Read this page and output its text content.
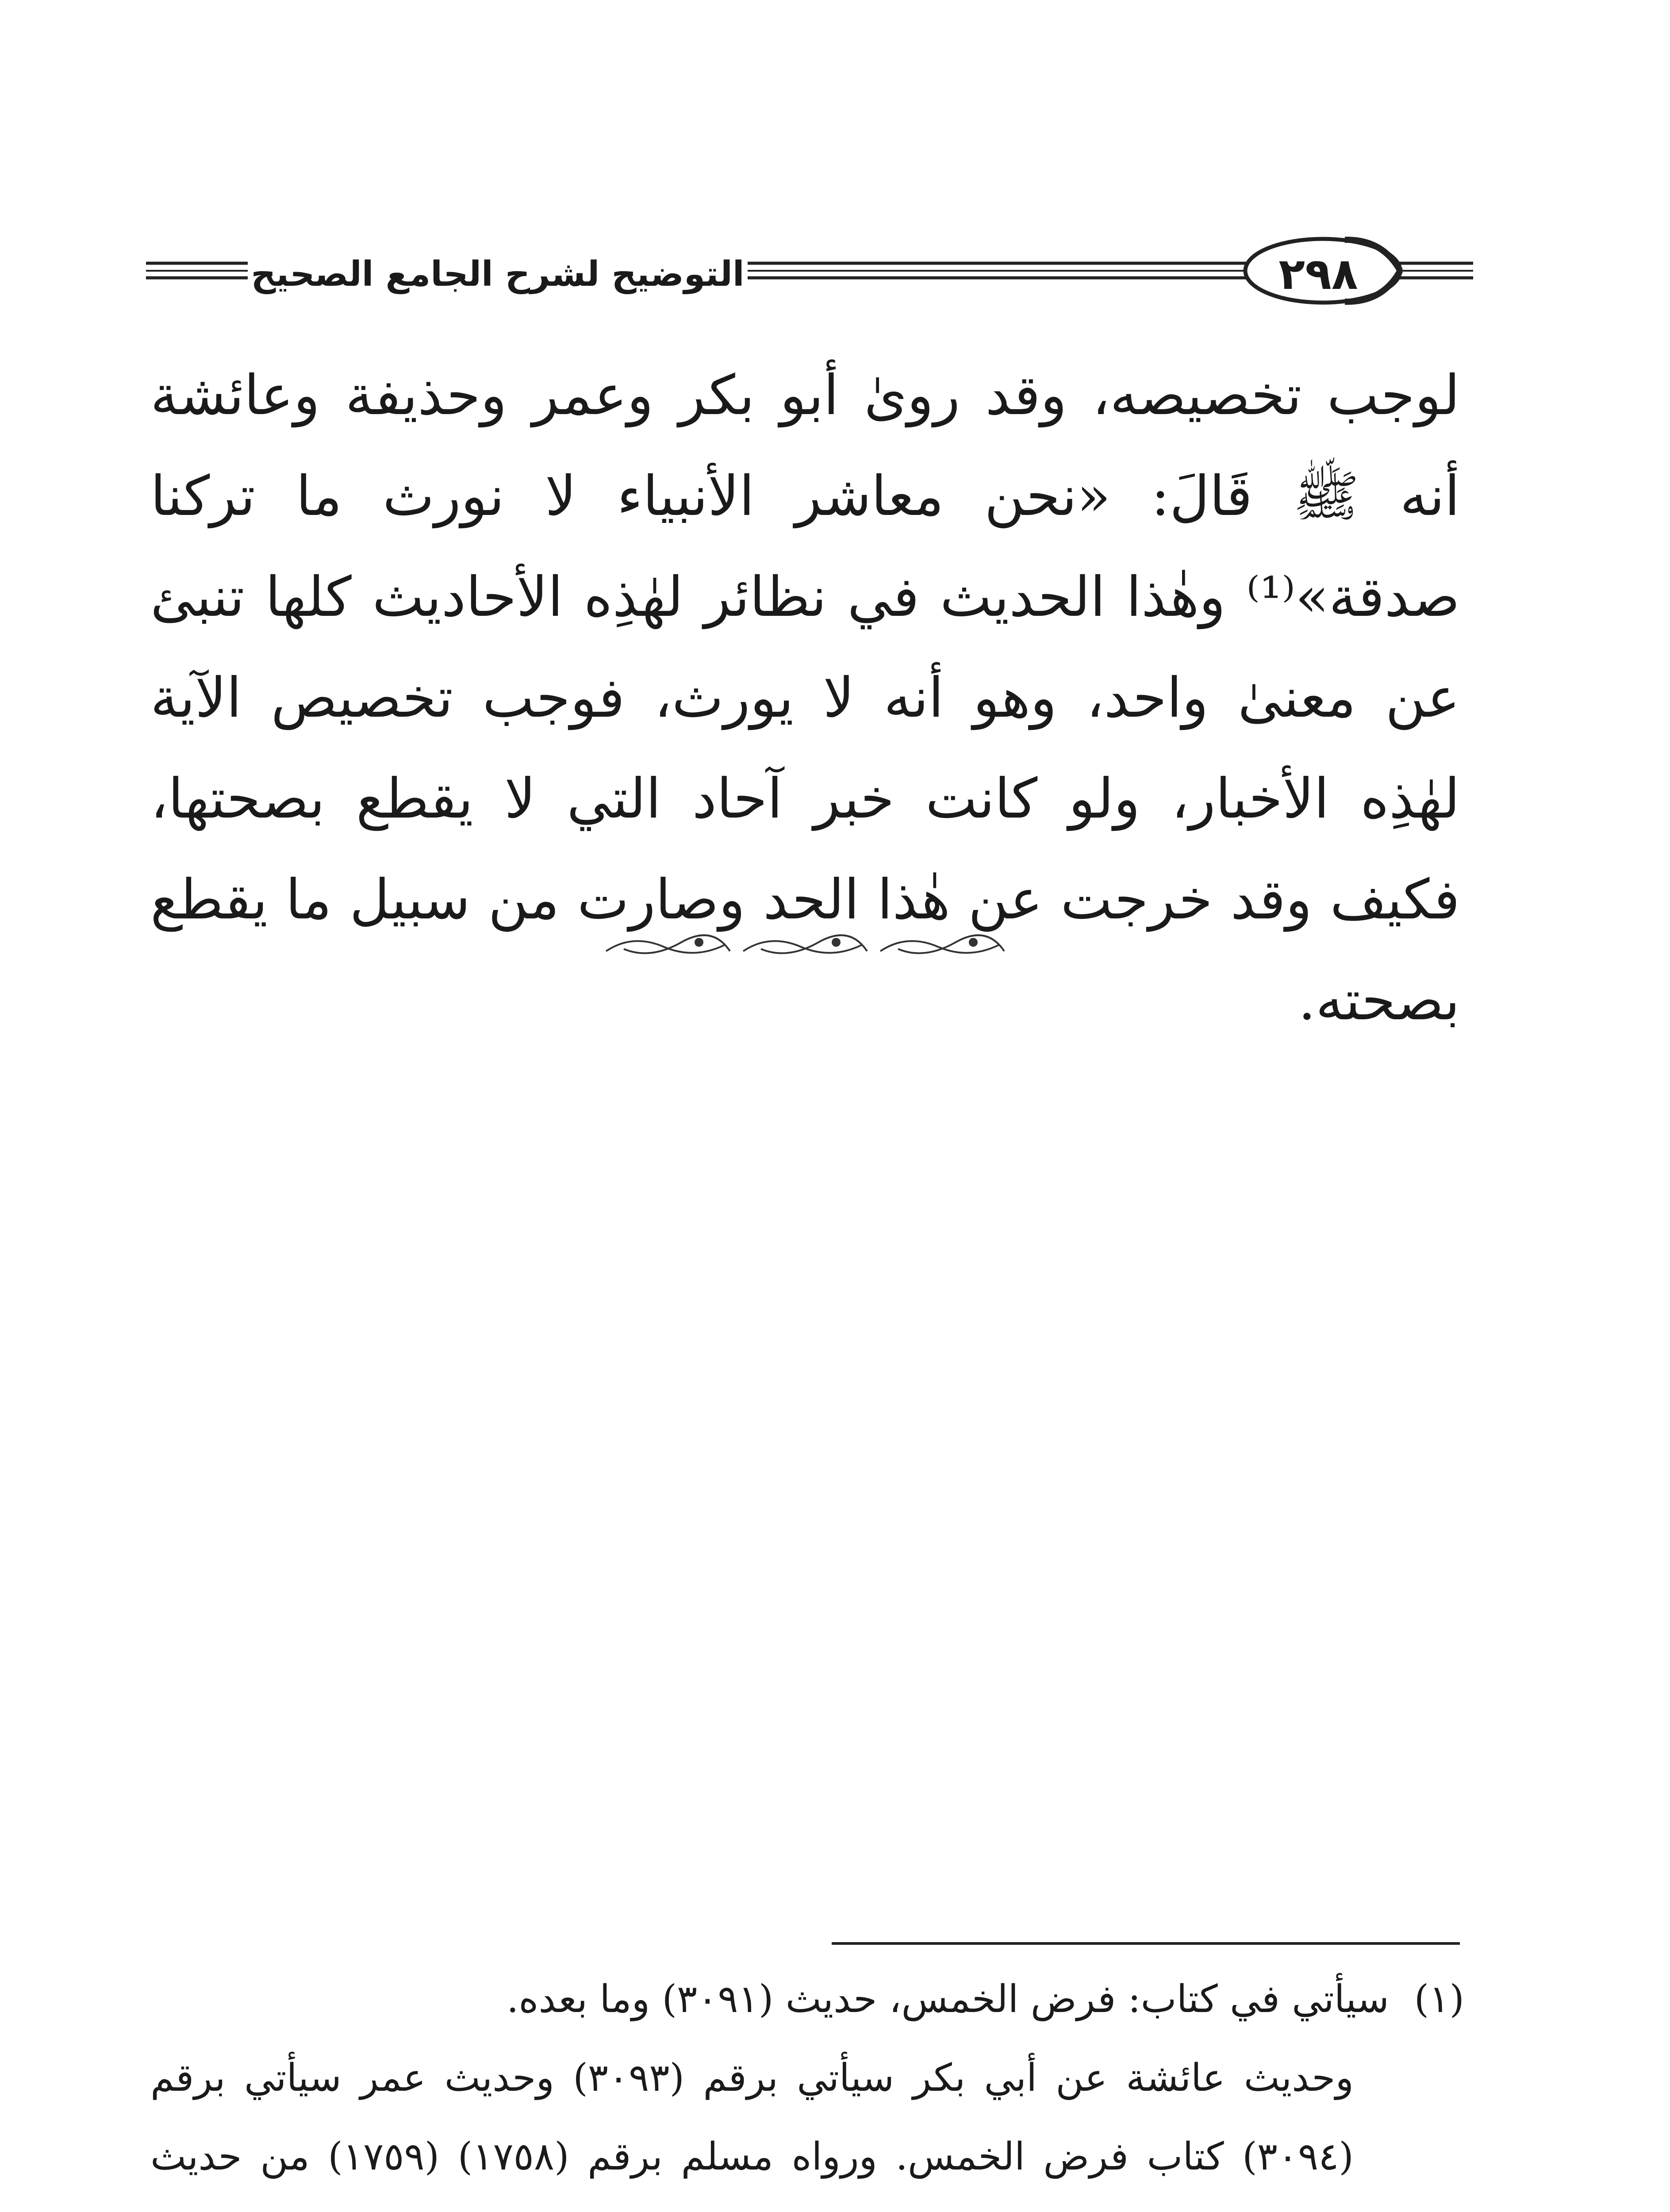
التوضيح لشرح الجامع الصحيح	٢٩٨

لوجب تخصيصه، وقد رویٰ أبو بكر وعمر وحذيفة وعائشة أنه ﷺ قَالَ: «نحن معاشر الأنبياء لا نورث ما تركنا صدقة»⁽¹⁾ وهٰذا الحديث في نظائر لهٰذِه الأحاديث كلها تنبئ عن معنیٰ واحد، وهو أنه لا يورث، فوجب تخصيص الآية لهٰذِه الأخبار، ولو كانت خبر آحاد التي لا يقطع بصحتها، فكيف وقد خرجت عن هٰذا الحد وصارت من سبيل ما يقطع بصحته.

(١)

سيأتي في كتاب: فرض الخمس، حديث (٣٠٩١) وما بعده.

وحديث عائشة عن أبي بكر سيأتي برقم (٣٠٩٣) وحديث عمر سيأتي برقم (٣٠٩٤) كتاب فرض الخمس. ورواه مسلم برقم (١٧٥٨) (١٧٥٩) من حديث
